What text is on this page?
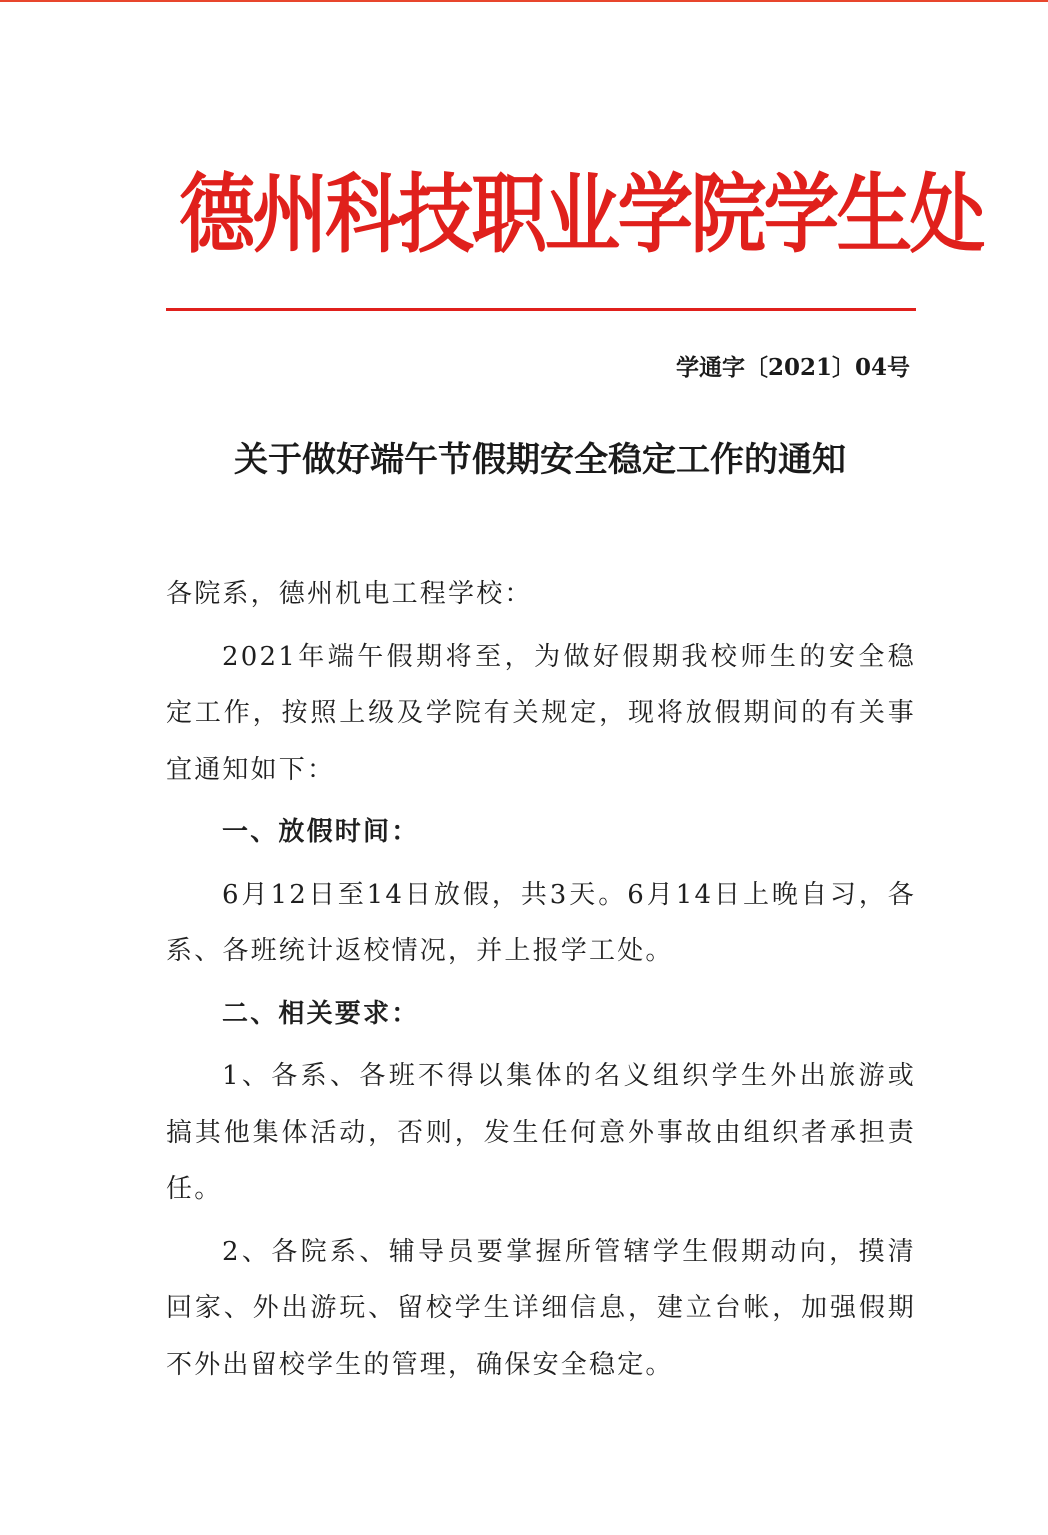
德州科技职业学院学生处
学通字〔2021〕04号
关于做好端午节假期安全稳定工作的通知

各院系，德州机电工程学校：

2021年端午假期将至，为做好假期我校师生的安全稳定工作，按照上级及学院有关规定，现将放假期间的有关事宜通知如下：

一、放假时间：

6月12日至14日放假，共3天。6月14日上晚自习，各系、各班统计返校情况，并上报学工处。

二、相关要求：

1、各系、各班不得以集体的名义组织学生外出旅游或搞其他集体活动，否则，发生任何意外事故由组织者承担责任。

2、各院系、辅导员要掌握所管辖学生假期动向，摸清回家、外出游玩、留校学生详细信息，建立台帐，加强假期不外出留校学生的管理，确保安全稳定。
